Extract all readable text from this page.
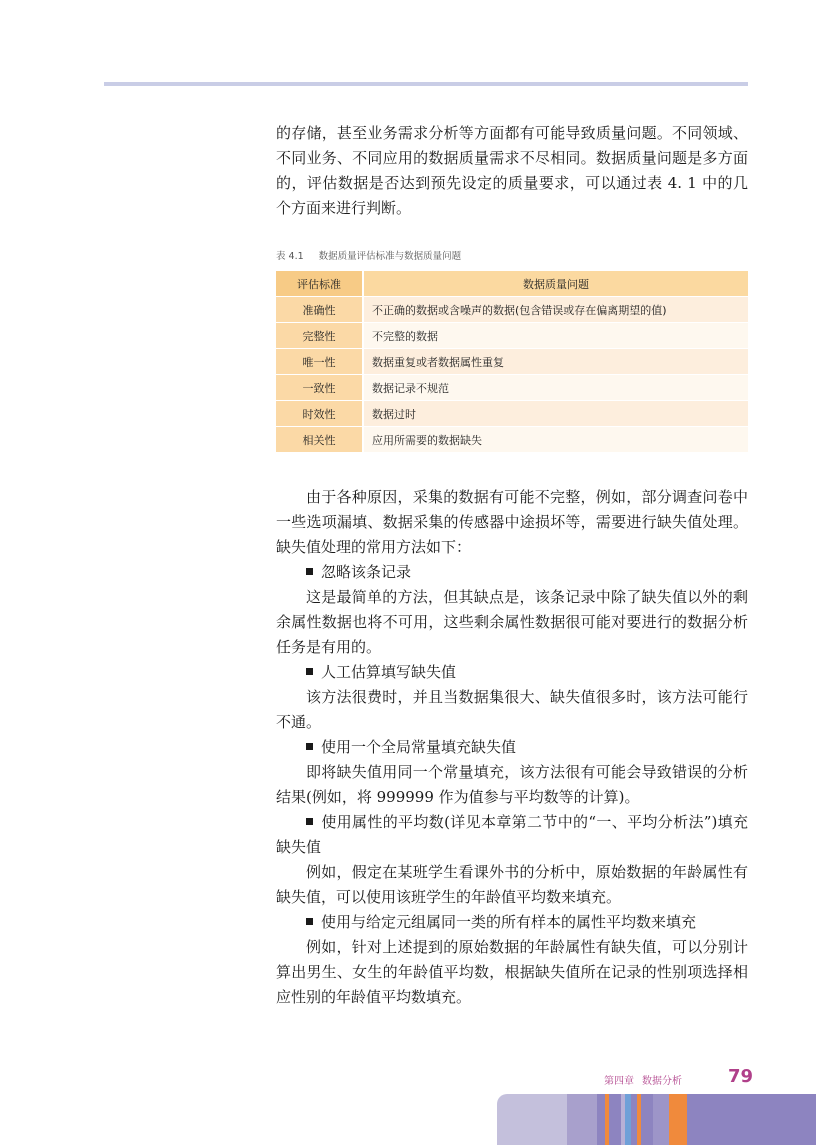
的存储，甚至业务需求分析等方面都有可能导致质量问题。不同领域、不同业务、不同应用的数据质量需求不尽相同。数据质量问题是多方面的，评估数据是否达到预先设定的质量要求，可以通过表 4. 1 中的几个方面来进行判断。

表 4.1 数据质量评估标准与数据质量问题
评估标准	数据质量问题
准确性	不正确的数据或含噪声的数据(包含错误或存在偏离期望的值)
完整性	不完整的数据
唯一性	数据重复或者数据属性重复
一致性	数据记录不规范
时效性	数据过时
相关性	应用所需要的数据缺失

由于各种原因，采集的数据有可能不完整，例如，部分调查问卷中一些选项漏填、数据采集的传感器中途损坏等，需要进行缺失值处理。缺失值处理的常用方法如下：

忽略该条记录

这是最简单的方法，但其缺点是，该条记录中除了缺失值以外的剩余属性数据也将不可用，这些剩余属性数据很可能对要进行的数据分析任务是有用的。

人工估算填写缺失值

该方法很费时，并且当数据集很大、缺失值很多时，该方法可能行不通。

使用一个全局常量填充缺失值

即将缺失值用同一个常量填充，该方法很有可能会导致错误的分析结果(例如，将 999999 作为值参与平均数等的计算)。

使用属性的平均数(详见本章第二节中的“一、平均分析法”)填充缺失值

例如，假定在某班学生看课外书的分析中，原始数据的年龄属性有缺失值，可以使用该班学生的年龄值平均数来填充。

使用与给定元组属同一类的所有样本的属性平均数来填充

例如，针对上述提到的原始数据的年龄属性有缺失值，可以分别计算出男生、女生的年龄值平均数，根据缺失值所在记录的性别项选择相应性别的年龄值平均数填充。

第四章 数据分析	79
